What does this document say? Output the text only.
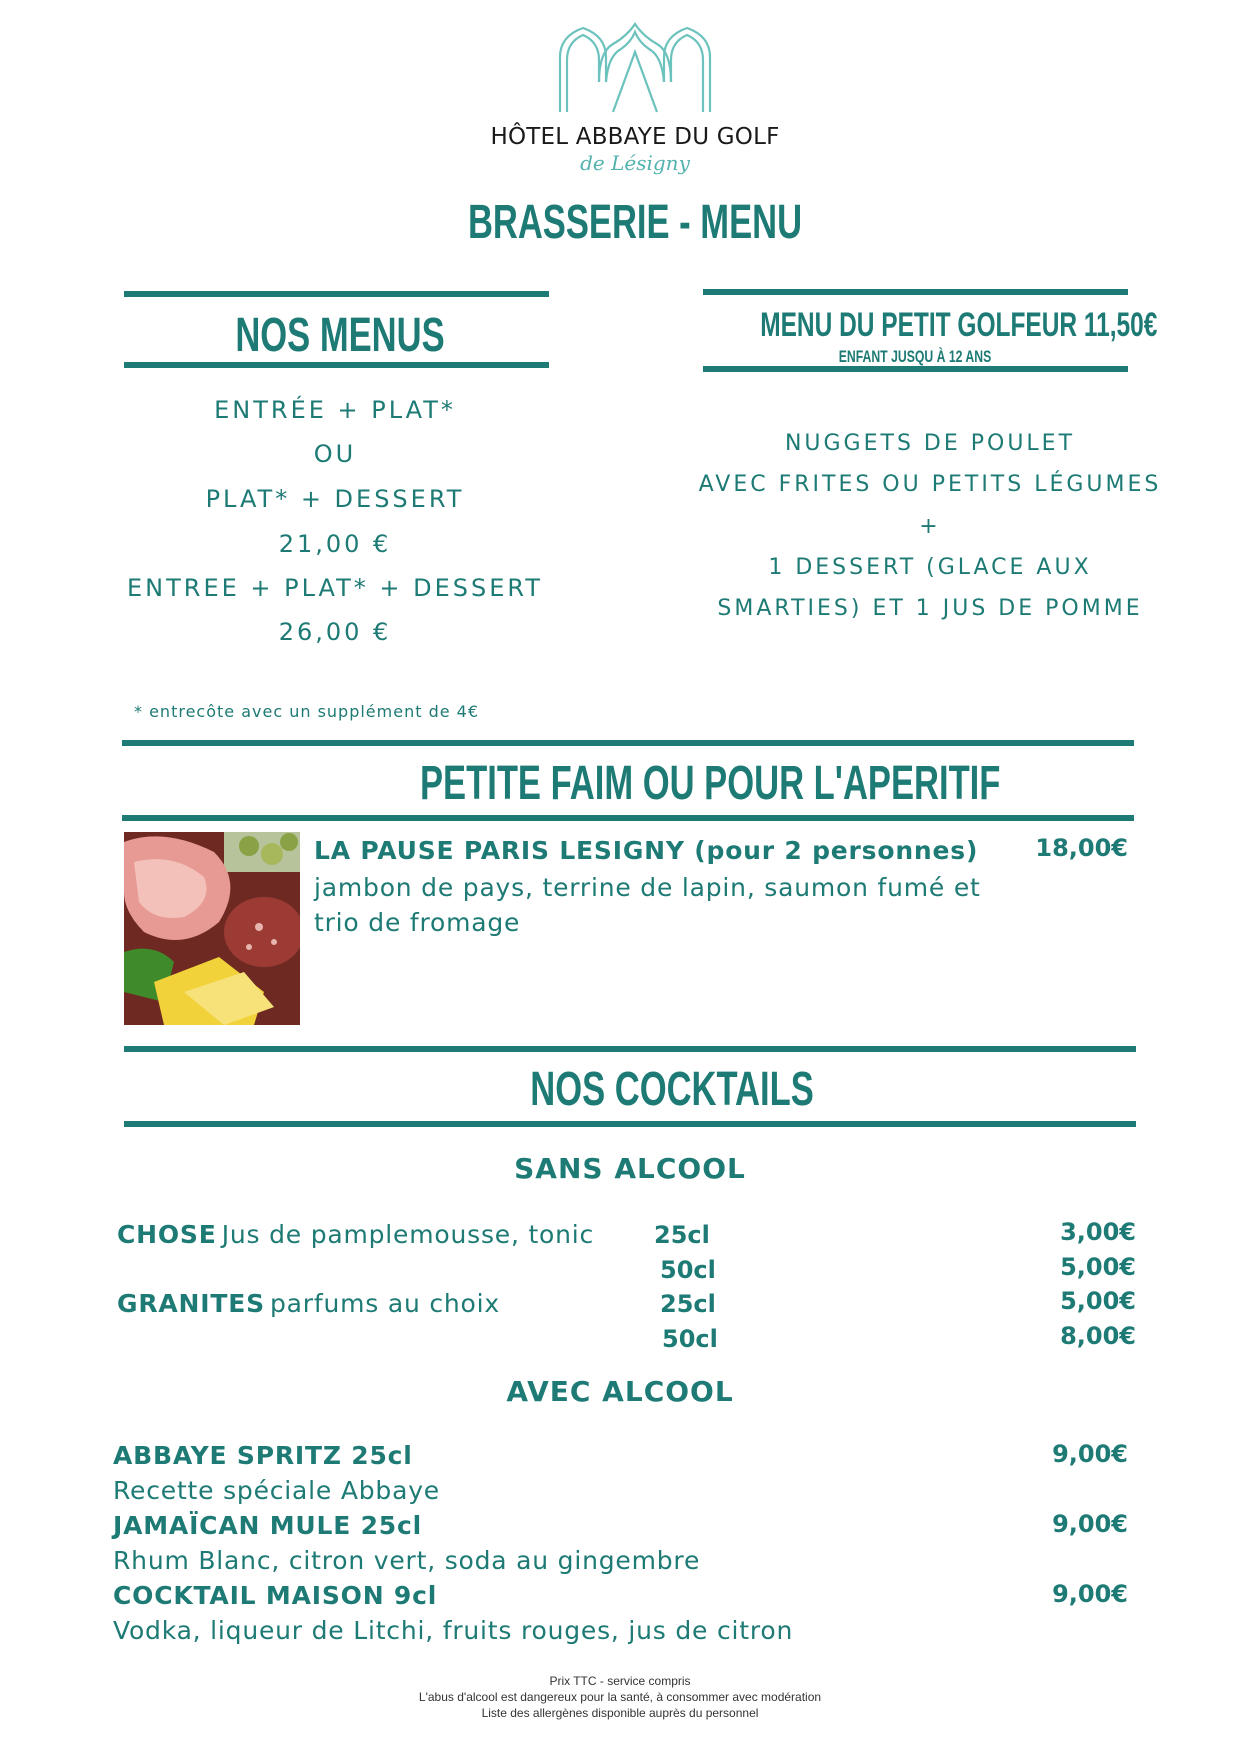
HÔTEL ABBAYE DU GOLF
de Lésigny
BRASSERIE - MENU
NOS MENUS
ENTRÉE + PLAT*
OU
PLAT* + DESSERT
21,00 €
ENTREE + PLAT* + DESSERT
26,00 €
* entrecôte avec un supplément de 4€
MENU DU PETIT GOLFEUR 11,50€
ENFANT JUSQU À 12 ANS
NUGGETS DE POULET
AVEC FRITES OU PETITS LÉGUMES
+
1 DESSERT (GLACE AUX
SMARTIES) ET 1 JUS DE POMME
PETITE FAIM OU POUR L'APERITIF
LA PAUSE PARIS LESIGNY (pour 2 personnes)
jambon de pays, terrine de lapin, saumon fumé et trio de fromage
18,00€
NOS COCKTAILS
SANS ALCOOL
CHOSE Jus de pamplemousse, tonic 25cl
50cl
3,00€
5,00€
GRANITES parfums au choix	25cl
50cl
5,00€
8,00€
AVEC ALCOOL
ABBAYE SPRITZ 25cl
Recette spéciale Abbaye
9,00€
JAMAÏCAN MULE 25cl
Rhum Blanc, citron vert, soda au gingembre
9,00€
COCKTAIL MAISON 9cl
Vodka, liqueur de Litchi, fruits rouges, jus de citron
9,00€
Prix TTC - service compris
L'abus d'alcool est dangereux pour la santé, à consommer avec modération
Liste des allergènes disponible auprès du personnel
